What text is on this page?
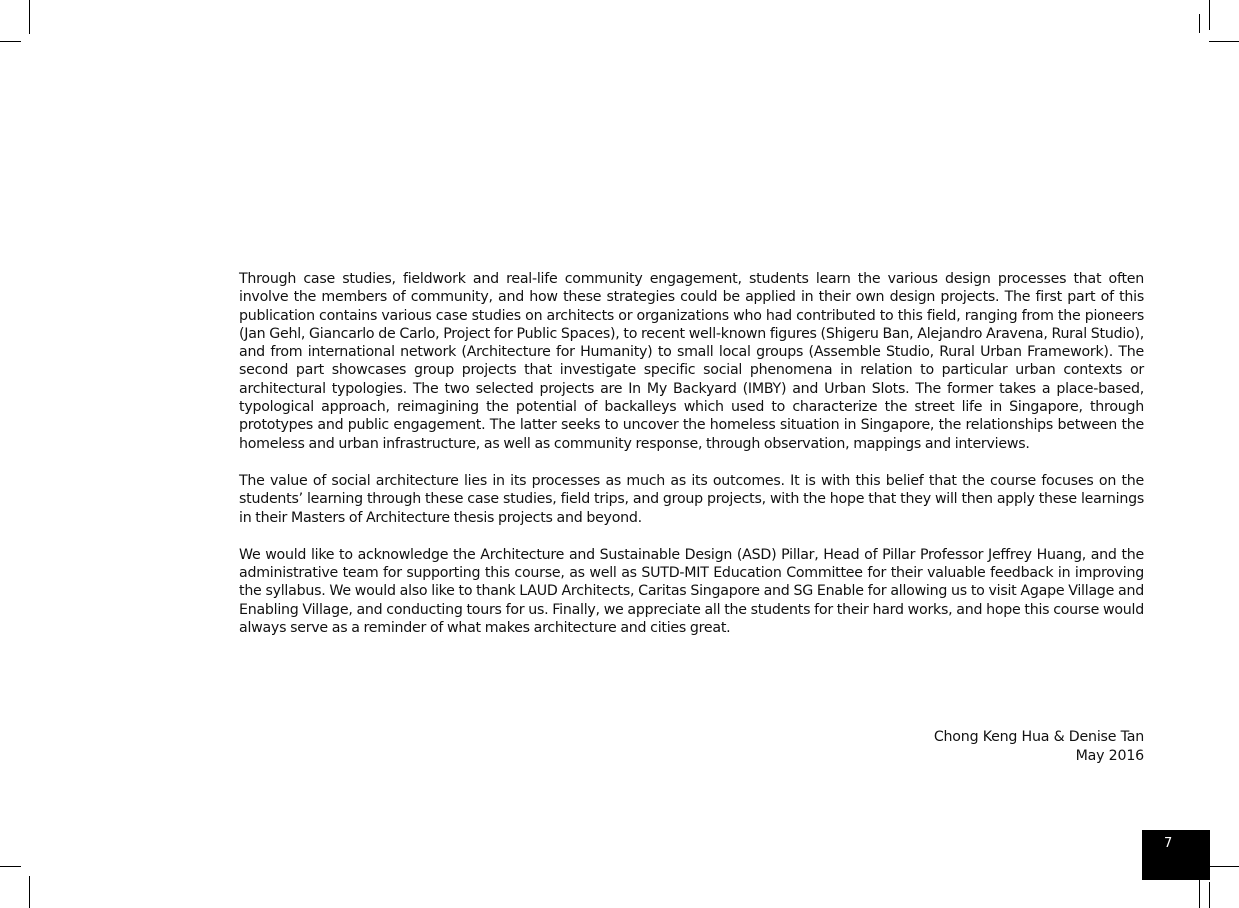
Through case studies, fieldwork and real-life community engagement, students learn the various design processes that often involve the members of community, and how these strategies could be applied in their own design projects. The first part of this publication contains various case studies on architects or organizations who had contributed to this field, ranging from the pioneers (Jan Gehl, Giancarlo de Carlo, Project for Public Spaces), to recent well-known figures (Shigeru Ban, Alejandro Aravena, Rural Studio), and from international network (Architecture for Humanity) to small local groups (Assemble Studio, Rural Urban Framework). The second part showcases group projects that investigate specific social phenomena in relation to particular urban contexts or architectural typologies. The two selected projects are In My Backyard (IMBY) and Urban Slots. The former takes a place-based, typological approach, reimagining the potential of backalleys which used to characterize the street life in Singapore, through prototypes and public engagement. The latter seeks to uncover the homeless situation in Singapore, the relationships between the homeless and urban infrastructure, as well as community response, through observation, mappings and interviews.

The value of social architecture lies in its processes as much as its outcomes. It is with this belief that the course focuses on the students’ learning through these case studies, field trips, and group projects, with the hope that they will then apply these learnings in their Masters of Architecture thesis projects and beyond.

We would like to acknowledge the Architecture and Sustainable Design (ASD) Pillar, Head of Pillar Professor Jeffrey Huang, and the administrative team for supporting this course, as well as SUTD-MIT Education Committee for their valuable feedback in improving the syllabus. We would also like to thank LAUD Architects, Caritas Singapore and SG Enable for allowing us to visit Agape Village and Enabling Village, and conducting tours for us. Finally, we appreciate all the students for their hard works, and hope this course would always serve as a reminder of what makes architecture and cities great.

Chong Keng Hua & Denise Tan
May 2016
7
